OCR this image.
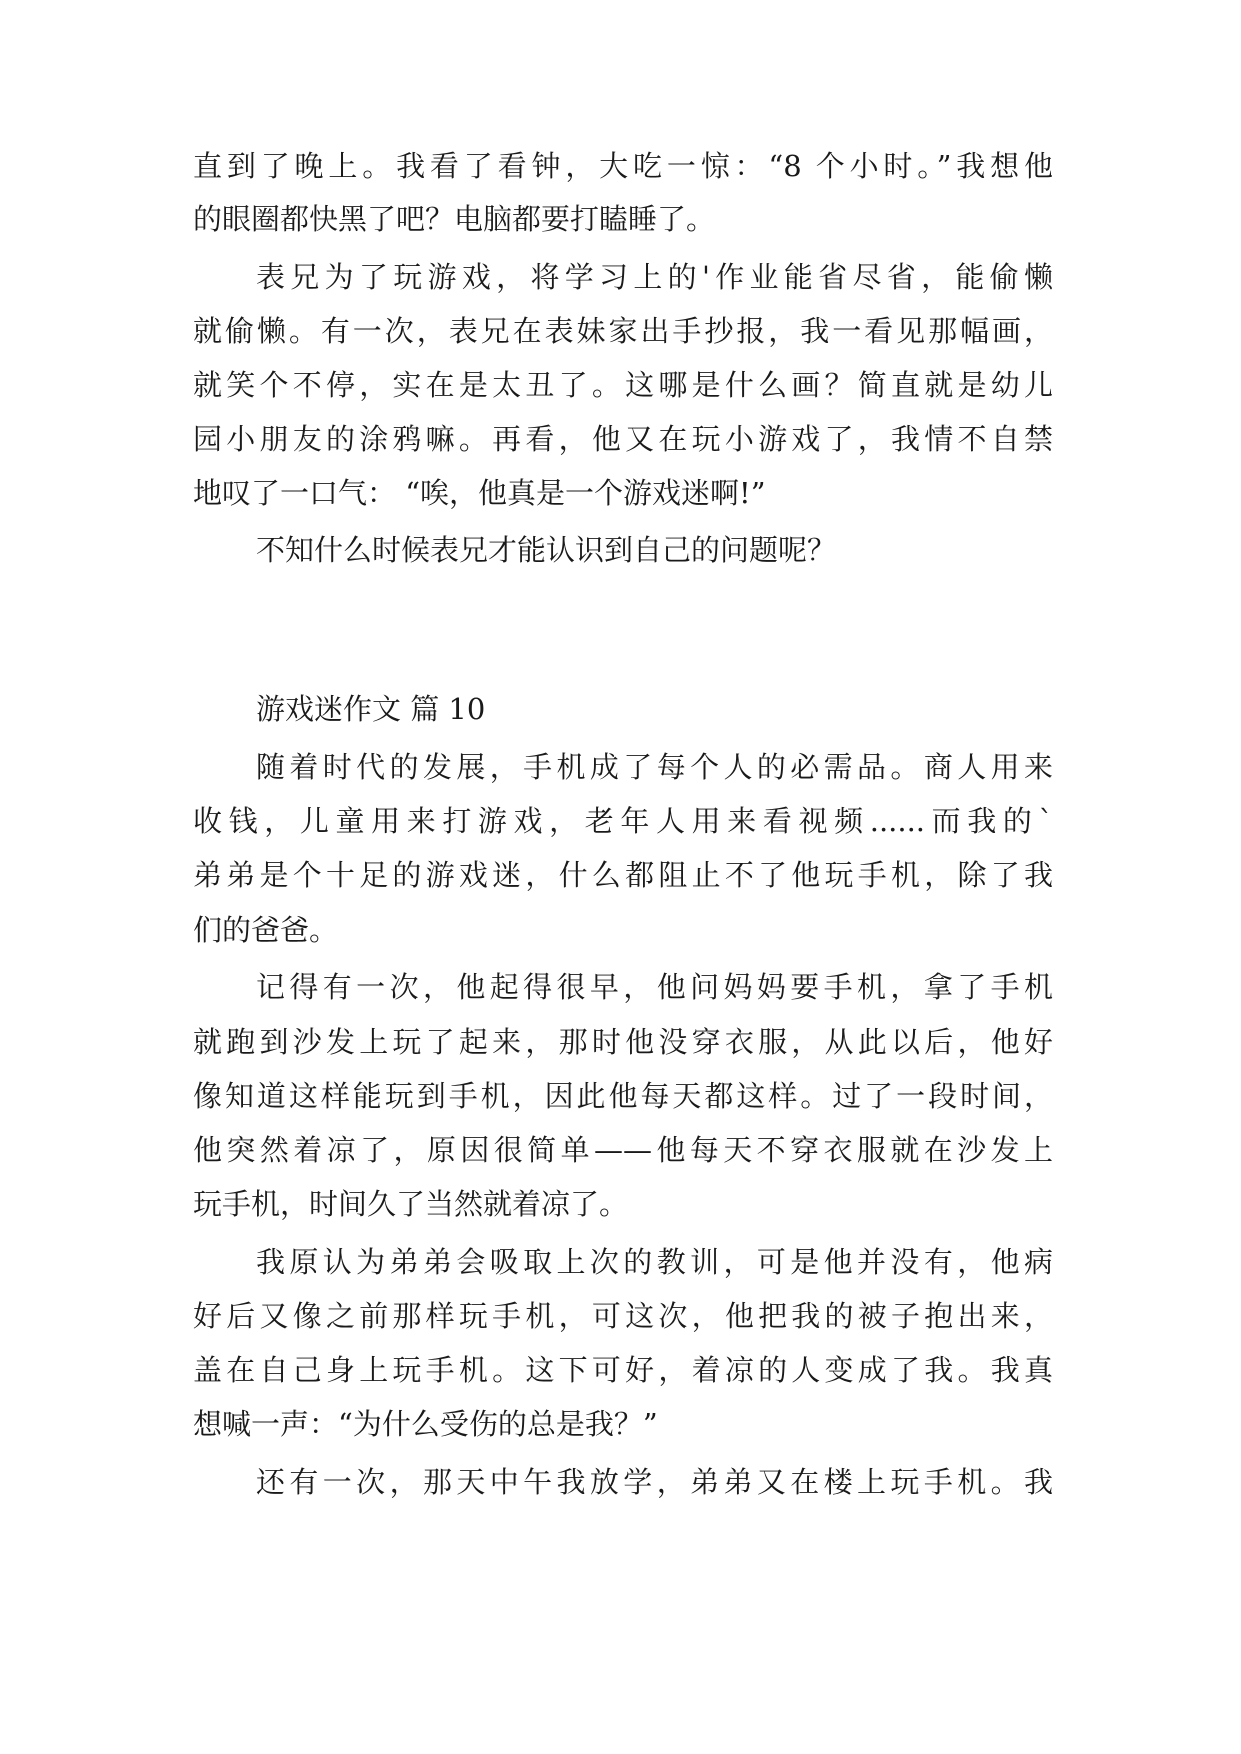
直到了晚上。我看了看钟，大吃一惊：“8 个小时。”我想他
的眼圈都快黑了吧？电脑都要打瞌睡了。
表兄为了玩游戏，将学习上的'作业能省尽省，能偷懒
就偷懒。有一次，表兄在表妹家出手抄报，我一看见那幅画，
就笑个不停，实在是太丑了。这哪是什么画？简直就是幼儿
园小朋友的涂鸦嘛。再看，他又在玩小游戏了，我情不自禁
地叹了一口气： “唉，他真是一个游戏迷啊!”
不知什么时候表兄才能认识到自己的问题呢？
游戏迷作文 篇 10
随着时代的发展，手机成了每个人的必需品。商人用来
收钱，儿童用来打游戏，老年人用来看视频......而我的`
弟弟是个十足的游戏迷，什么都阻止不了他玩手机，除了我
们的爸爸。
记得有一次，他起得很早，他问妈妈要手机，拿了手机
就跑到沙发上玩了起来，那时他没穿衣服，从此以后，他好
像知道这样能玩到手机，因此他每天都这样。过了一段时间，
他突然着凉了，原因很简单——他每天不穿衣服就在沙发上
玩手机，时间久了当然就着凉了。
我原认为弟弟会吸取上次的教训，可是他并没有，他病
好后又像之前那样玩手机，可这次，他把我的被子抱出来，
盖在自己身上玩手机。这下可好，着凉的人变成了我。我真
想喊一声：“为什么受伤的总是我？”
还有一次，那天中午我放学，弟弟又在楼上玩手机。我
